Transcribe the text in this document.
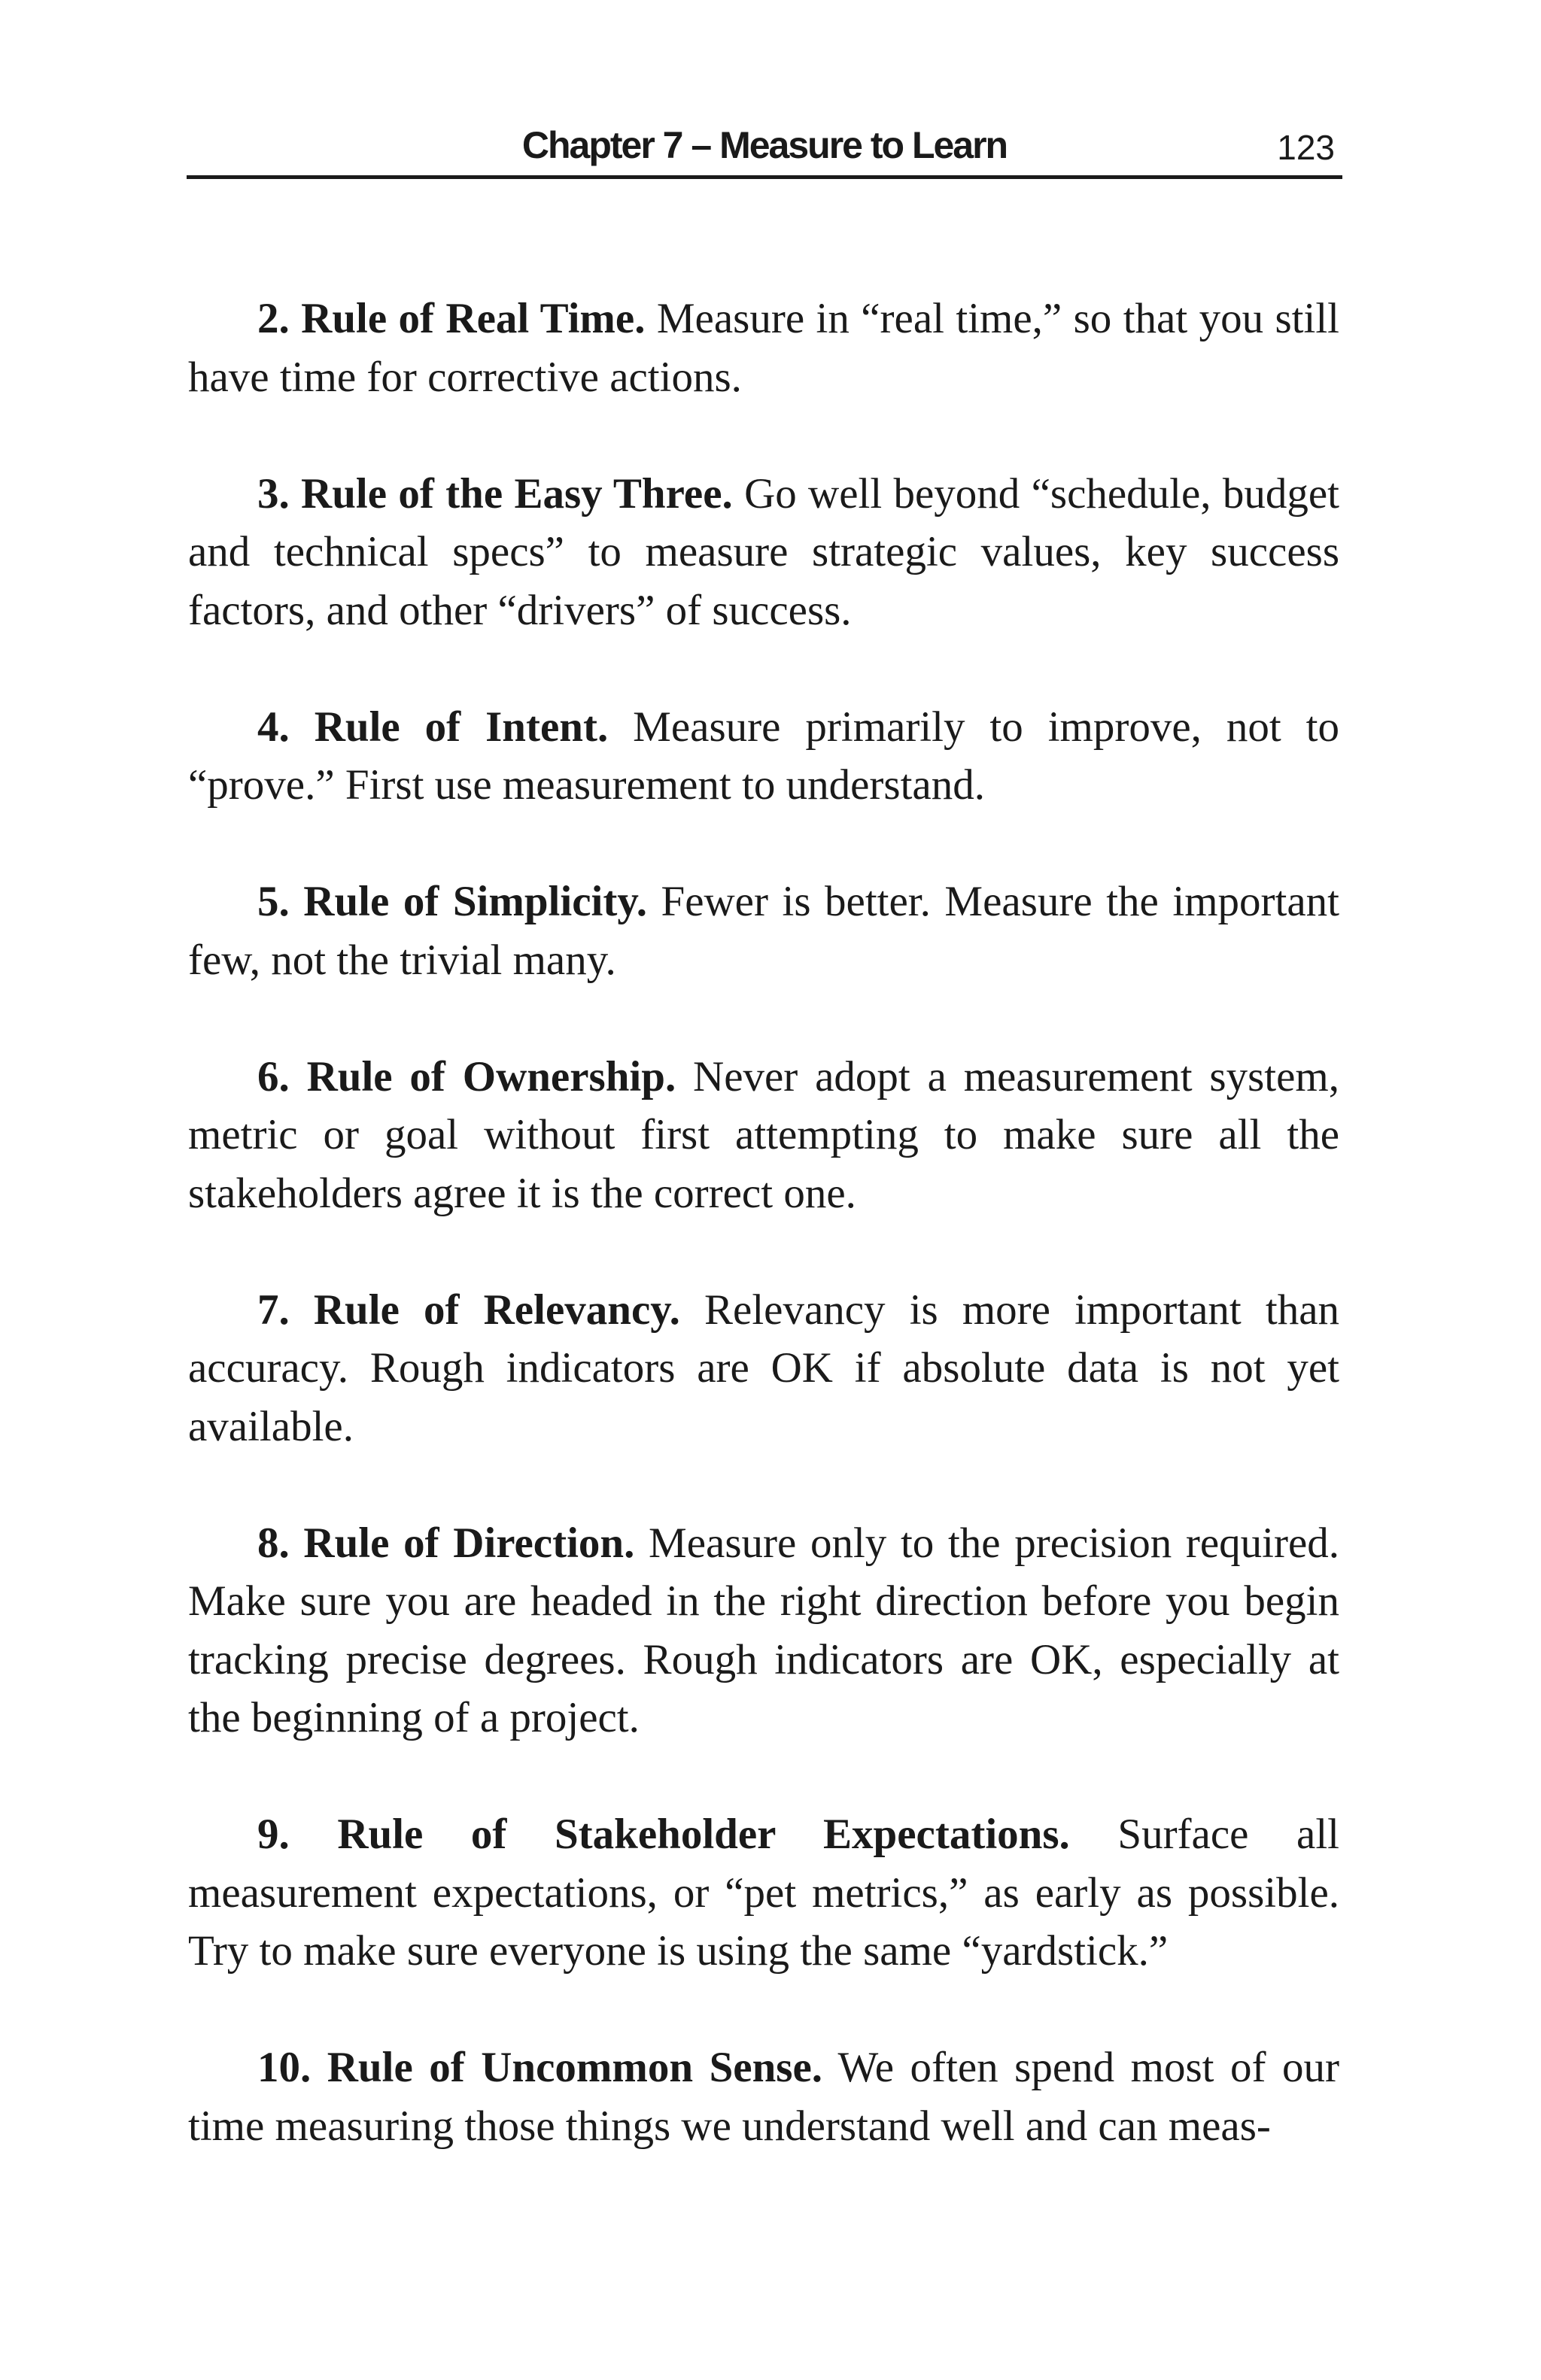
Chapter 7 – Measure to Learn	123

2. Rule of Real Time. Measure in “real time,” so that you still have time for corrective actions.

3. Rule of the Easy Three. Go well beyond “schedule, budget and technical specs” to measure strategic values, key success factors, and other “drivers” of success.

4. Rule of Intent. Measure primarily to improve, not to “prove.” First use measurement to understand.

5. Rule of Simplicity. Fewer is better. Measure the important few, not the trivial many.

6. Rule of Ownership. Never adopt a measurement system, metric or goal without first attempting to make sure all the stakeholders agree it is the correct one.

7. Rule of Relevancy. Relevancy is more important than accuracy. Rough indicators are OK if absolute data is not yet available.

8. Rule of Direction. Measure only to the precision required. Make sure you are headed in the right direction before you begin tracking precise degrees. Rough indicators are OK, especially at the beginning of a project.

9. Rule of Stakeholder Expectations. Surface all measurement expectations, or “pet metrics,” as early as possible. Try to make sure everyone is using the same “yardstick.”

10. Rule of Uncommon Sense. We often spend most of our time measuring those things we understand well and can meas-
